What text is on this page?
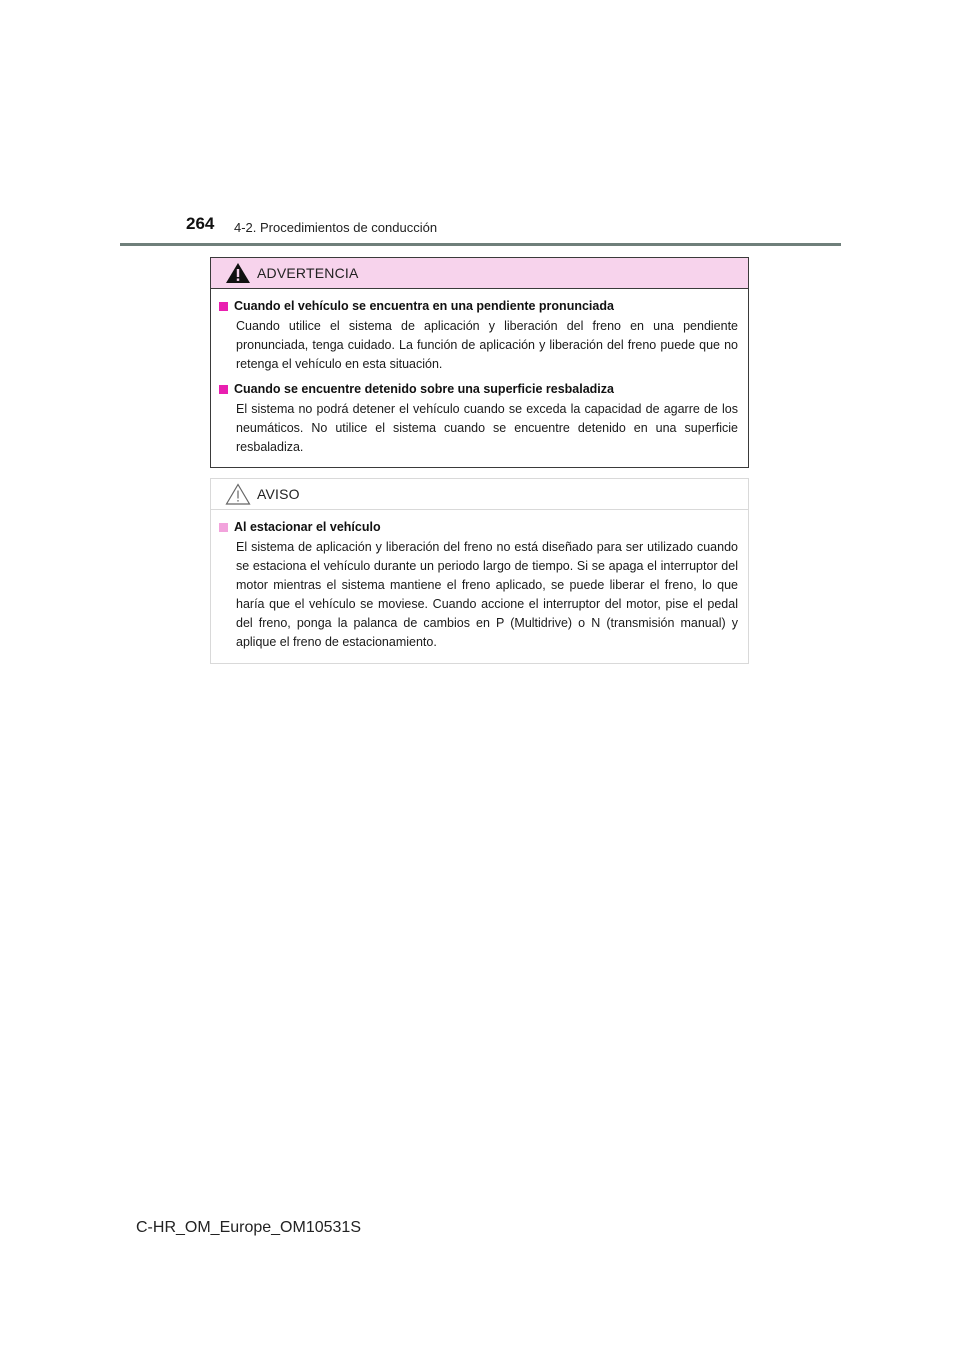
264 4-2. Procedimientos de conducción
ADVERTENCIA
Cuando el vehículo se encuentra en una pendiente pronunciada
Cuando utilice el sistema de aplicación y liberación del freno en una pendiente pronunciada, tenga cuidado. La función de aplicación y liberación del freno puede que no retenga el vehículo en esta situación.
Cuando se encuentre detenido sobre una superficie resbaladiza
El sistema no podrá detener el vehículo cuando se exceda la capacidad de agarre de los neumáticos. No utilice el sistema cuando se encuentre detenido en una superficie resbaladiza.
AVISO
Al estacionar el vehículo
El sistema de aplicación y liberación del freno no está diseñado para ser utilizado cuando se estaciona el vehículo durante un periodo largo de tiempo. Si se apaga el interruptor del motor mientras el sistema mantiene el freno aplicado, se puede liberar el freno, lo que haría que el vehículo se moviese. Cuando accione el interruptor del motor, pise el pedal del freno, ponga la palanca de cambios en P (Multidrive) o N (transmisión manual) y aplique el freno de estacionamiento.
C-HR_OM_Europe_OM10531S
